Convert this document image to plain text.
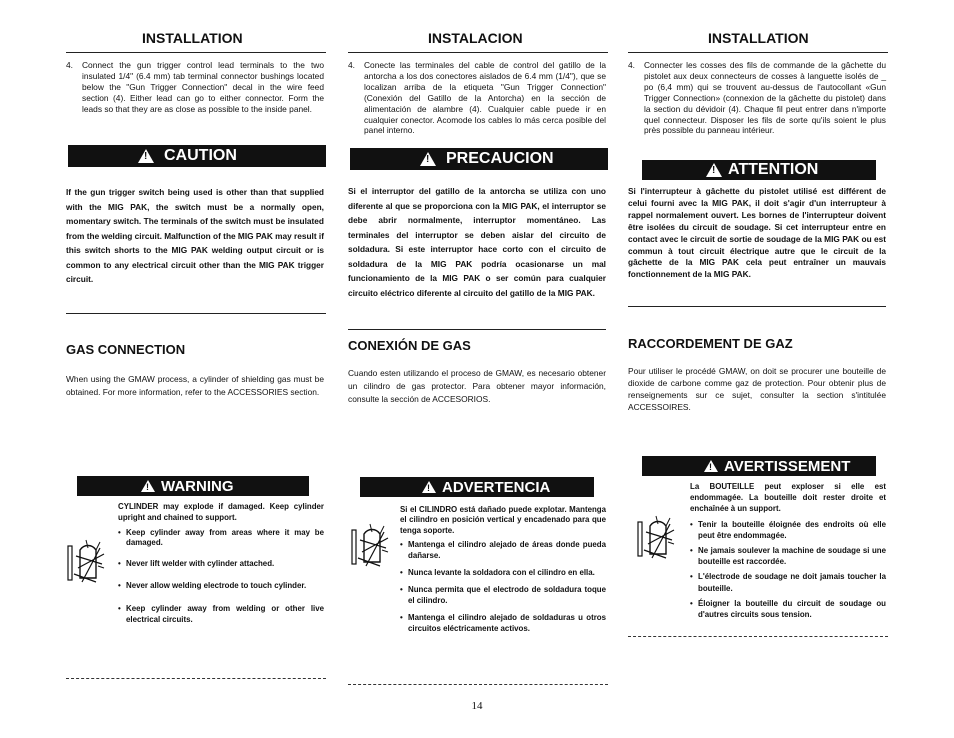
INSTALLATION
4. Connect the gun trigger control lead terminals to the two insulated 1/4" (6.4 mm) tab terminal connector bushings located below the "Gun Trigger Connection" decal in the wire feed section (4). Either lead can go to either connector. Form the leads so that they are as close as possible to the inside panel.
!
CAUTION
If the gun trigger switch being used is other than that supplied with the MIG PAK, the switch must be a normally open, momentary switch. The terminals of the switch must be insulated from the welding circuit. Malfunction of the MIG PAK may result if this switch shorts to the MIG PAK welding output circuit or is common to any electrical circuit other than the MIG PAK trigger circuit.
GAS CONNECTION
When using the GMAW process, a cylinder of shielding gas must be obtained. For more information, refer to the ACCESSORIES section.
!
WARNING
CYLINDER may explode if damaged. Keep cylinder upright and chained to support.
• Keep cylinder away from areas where it may be damaged.
• Never lift welder with cylinder attached.
• Never allow welding electrode to touch cylinder.
• Keep cylinder away from welding or other live electrical circuits.
INSTALACION
4. Conecte las terminales del cable de control del gatillo de la antorcha a los dos conectores aislados de 6.4 mm (1/4"), que se localizan arriba de la etiqueta "Gun Trigger Connection" (Conexión del Gatillo de la Antorcha) en la sección de alimentación de alambre (4). Cualquier cable puede ir en cualquier conector. Acomode los cables lo más cerca posible del panel interno.
!
PRECAUCION
Si el interruptor del gatillo de la antorcha se utiliza con uno diferente al que se proporciona con la MIG PAK, el interruptor se debe abrir normalmente, interruptor momentáneo. Las terminales del interruptor se deben aislar del circuito de soldadura. Si este interruptor hace corto con el circuito de soldadura de la MIG PAK podría ocasionarse un mal funcionamiento de la MIG PAK o ser común para cualquier circuito eléctrico diferente al circuito del gatillo de la MIG PAK.
CONEXIÓN DE GAS
Cuando esten utilizando el proceso de GMAW, es necesario obtener un cilindro de gas protector. Para obtener mayor información, consulte la sección de ACCESORIOS.
!
ADVERTENCIA
Si el CILINDRO está dañado puede explotar. Mantenga el cilindro en posición vertical y encadenado para que tenga soporte.
• Mantenga el cilindro alejado de áreas donde pueda dañarse.
• Nunca levante la soldadora con el cilindro en ella.
• Nunca permita que el electrodo de soldadura toque el cilindro.
• Mantenga el cilindro alejado de soldaduras u otros circuitos eléctricamente activos.
INSTALLATION
4. Connecter les cosses des fils de commande de la gâchette du pistolet aux deux connecteurs de cosses à languette isolés de _ po (6,4 mm) qui se trouvent au-dessus de l'autocollant «Gun Trigger Connection» (connexion de la gâchette du pistolet) dans la section du dévidoir (4). Chaque fil peut entrer dans n'importe quel connecteur. Disposer les fils de sorte qu'ils soient le plus près possible du panneau intérieur.
!
ATTENTION
Si l'interrupteur à gâchette du pistolet utilisé est différent de celui fourni avec la MIG PAK, il doit s'agir d'un interrupteur à rappel normalement ouvert. Les bornes de l'interrupteur doivent être isolées du circuit de soudage. Si cet interrupteur entre en contact avec le circuit de sortie de soudage de la MIG PAK ou est commun à tout circuit électrique autre que le circuit de la gâchette de la MIG PAK cela peut entraîner un mauvais fonctionnement de la MIG PAK.
RACCORDEMENT DE GAZ
Pour utiliser le procédé GMAW, on doit se procurer une bouteille de dioxide de carbone comme gaz de protection. Pour obtenir plus de renseignements sur ce sujet, consulter la section s'intitulée ACCESSOIRES.
!
AVERTISSEMENT
La BOUTEILLE peut exploser si elle est endommagée. La bouteille doit rester droite et enchaînée à un support.
• Tenir la bouteille éloignée des endroits où elle peut être endommagée.
• Ne jamais soulever la machine de soudage si une bouteille est raccordée.
• L'électrode de soudage ne doit jamais toucher la bouteille.
• Éloigner la bouteille du circuit de soudage ou d'autres circuits sous tension.
14
